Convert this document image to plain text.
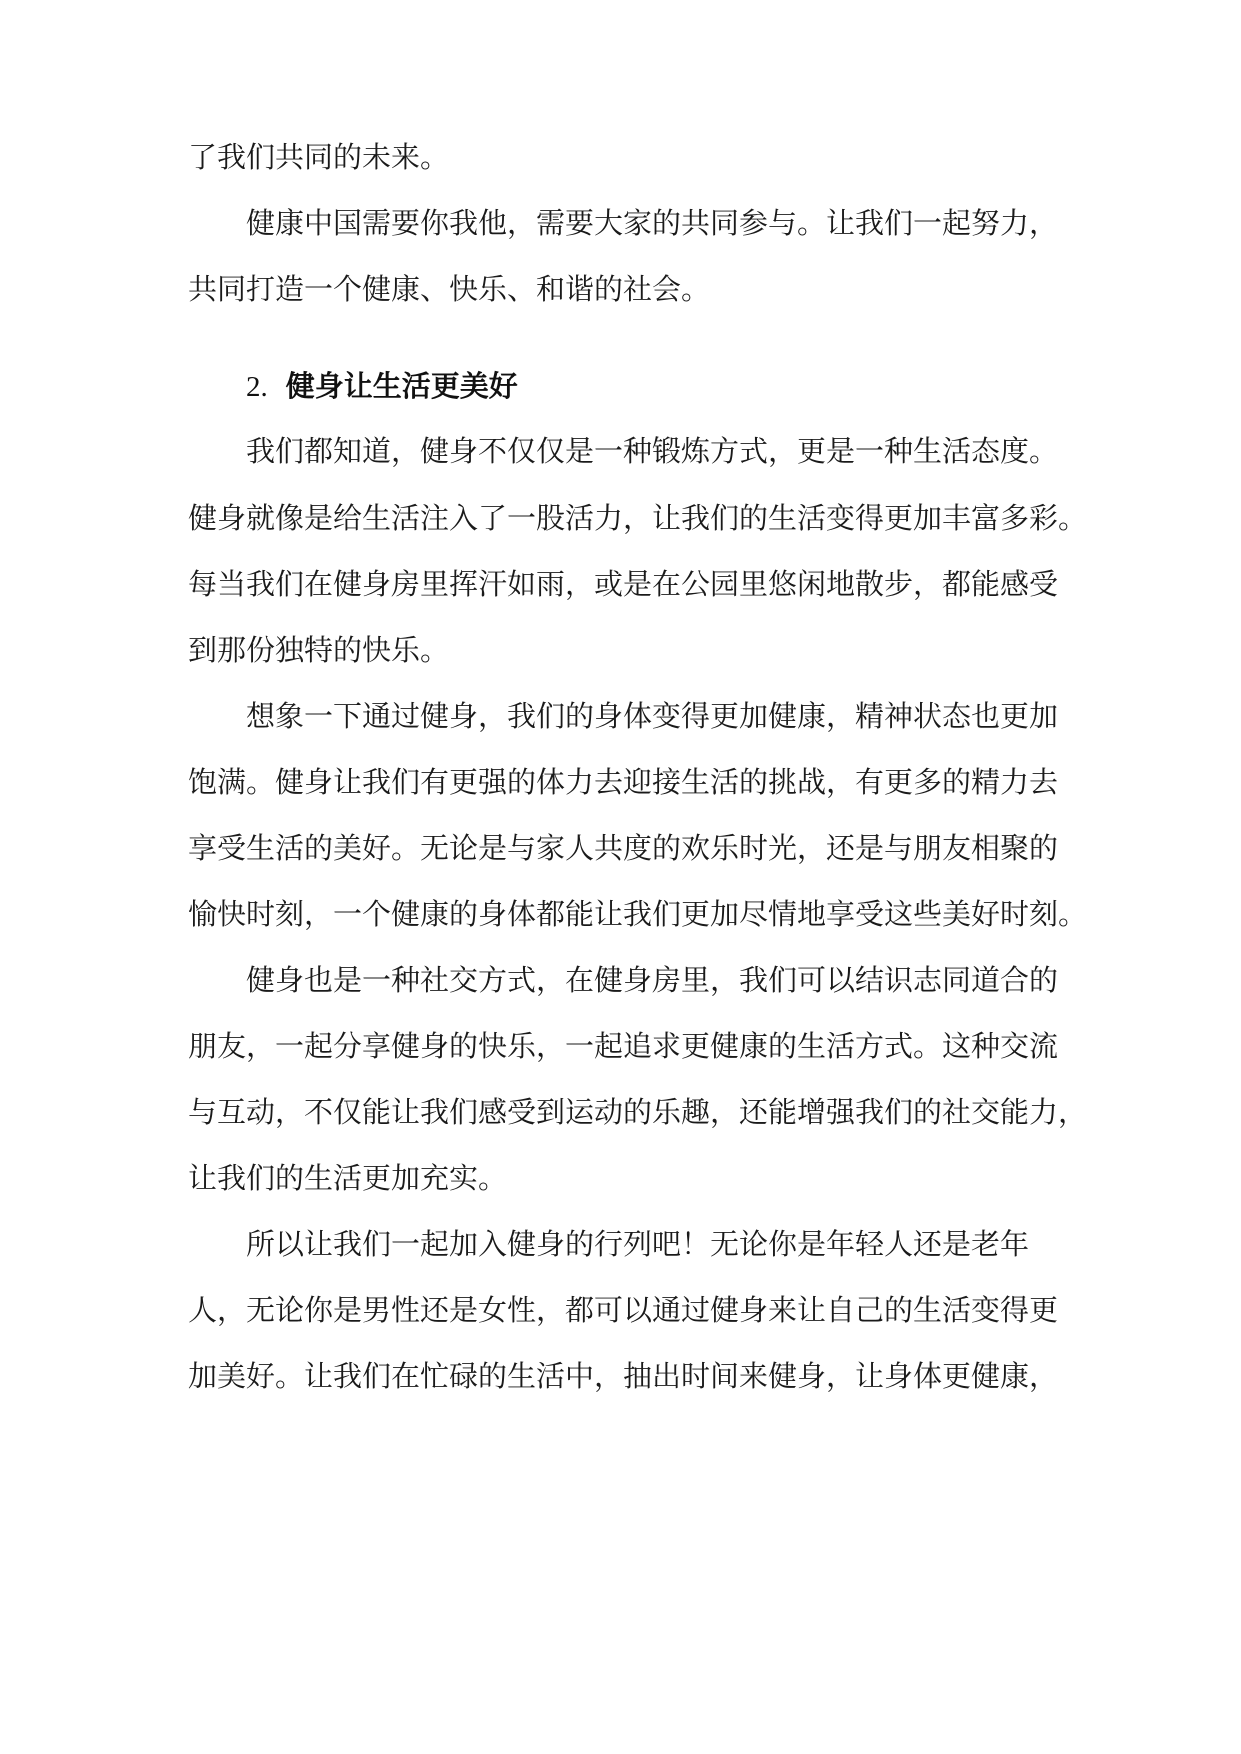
了我们共同的未来。

健康中国需要你我他，需要大家的共同参与。让我们一起努力，

共同打造一个健康、快乐、和谐的社会。

2. 健身让生活更美好

我们都知道，健身不仅仅是一种锻炼方式，更是一种生活态度。

健身就像是给生活注入了一股活力，让我们的生活变得更加丰富多彩。

每当我们在健身房里挥汗如雨，或是在公园里悠闲地散步，都能感受

到那份独特的快乐。

想象一下通过健身，我们的身体变得更加健康，精神状态也更加

饱满。健身让我们有更强的体力去迎接生活的挑战，有更多的精力去

享受生活的美好。无论是与家人共度的欢乐时光，还是与朋友相聚的

愉快时刻，一个健康的身体都能让我们更加尽情地享受这些美好时刻。

健身也是一种社交方式，在健身房里，我们可以结识志同道合的

朋友，一起分享健身的快乐，一起追求更健康的生活方式。这种交流

与互动，不仅能让我们感受到运动的乐趣，还能增强我们的社交能力，

让我们的生活更加充实。

所以让我们一起加入健身的行列吧！无论你是年轻人还是老年

人，无论你是男性还是女性，都可以通过健身来让自己的生活变得更

加美好。让我们在忙碌的生活中，抽出时间来健身，让身体更健康，
